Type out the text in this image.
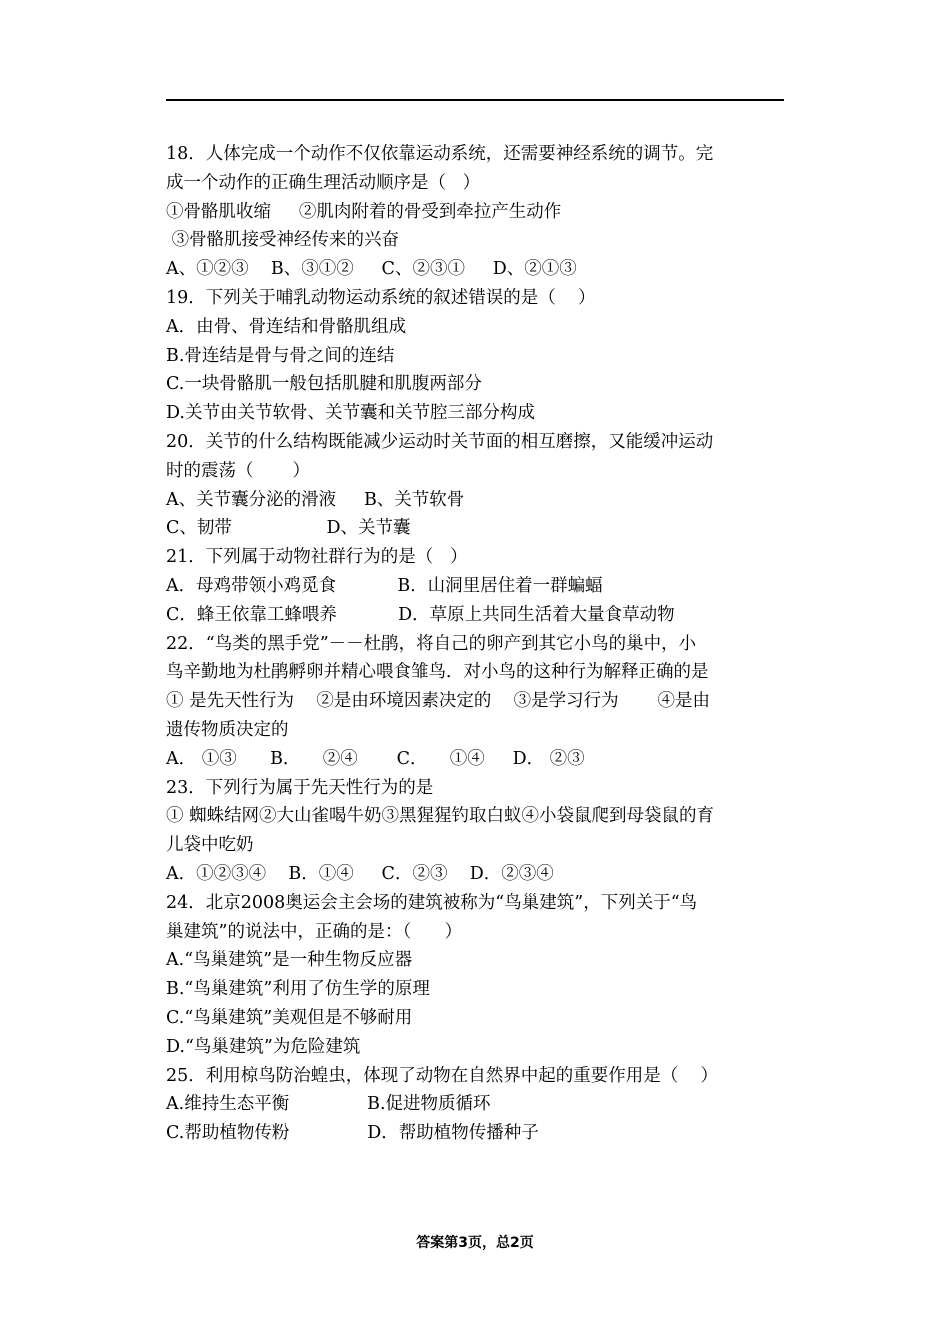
18．人体完成一个动作不仅依靠运动系统，还需要神经系统的调节。完
成一个动作的正确生理活动顺序是（   ）
①骨骼肌收缩     ②肌肉附着的骨受到牵拉产生动作
③骨骼肌接受神经传来的兴奋
A、①②③    B、③①②     C、②③①     D、②①③
19．下列关于哺乳动物运动系统的叙述错误的是（    ）
A．由骨、骨连结和骨骼肌组成
B.骨连结是骨与骨之间的连结
C.一块骨骼肌一般包括肌腱和肌腹两部分
D.关节由关节软骨、关节囊和关节腔三部分构成
20．关节的什么结构既能减少运动时关节面的相互磨擦，又能缓冲运动
时的震荡（       ）
A、关节囊分泌的滑液     B、关节软骨
C、韧带                 D、关节囊
21．下列属于动物社群行为的是（   ）
A．母鸡带领小鸡觅食           B．山洞里居住着一群蝙蝠
C．蜂王依靠工蜂喂养           D．草原上共同生活着大量食草动物
22．“鸟类的黑手党”－－杜鹃，将自己的卵产到其它小鸟的巢中，小
鸟辛勤地为杜鹃孵卵并精心喂食雏鸟．对小鸟的这种行为解释正确的是
① 是先天性行为    ②是由环境因素决定的    ③是学习行为       ④是由
遗传物质决定的
A． ①③      B．    ②④       C．    ①④     D． ②③
23．下列行为属于先天性行为的是
① 蜘蛛结网②大山雀喝牛奶③黑猩猩钓取白蚁④小袋鼠爬到母袋鼠的育
儿袋中吃奶
A．①②③④    B．①④     C．②③    D．②③④
24．北京2008奥运会主会场的建筑被称为“鸟巢建筑”，下列关于“鸟
巢建筑”的说法中，正确的是：（      ）
A.“鸟巢建筑”是一种生物反应器
B.“鸟巢建筑”利用了仿生学的原理
C.“鸟巢建筑”美观但是不够耐用
D.“鸟巢建筑”为危险建筑
25．利用椋鸟防治蝗虫，体现了动物在自然界中起的重要作用是（    ）
A.维持生态平衡              B.促进物质循环
C.帮助植物传粉              D．帮助植物传播种子
答案第3页，总2页
